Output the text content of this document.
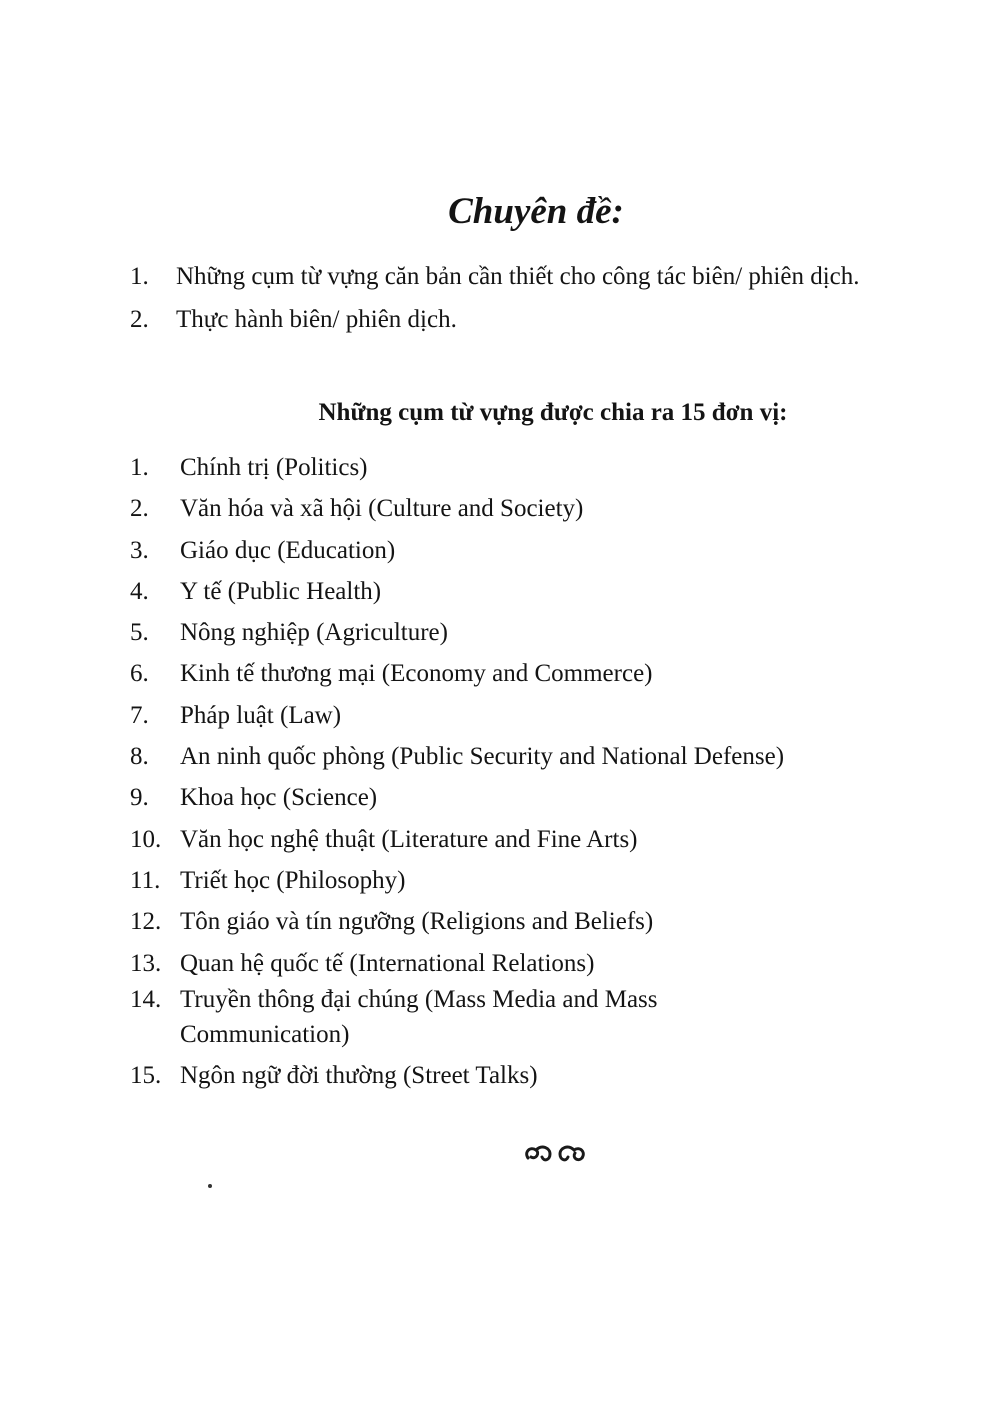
Chuyên đề:
1.	Những cụm từ vựng căn bản cần thiết cho công tác biên/ phiên dịch.
2.	Thực hành biên/ phiên dịch.
Những cụm từ vựng được chia ra 15 đơn vị:
1.	Chính trị (Politics)
2.	Văn hóa và xã hội (Culture and Society)
3.	Giáo dục (Education)
4.	Y tế (Public Health)
5.	Nông nghiệp (Agriculture)
6.	Kinh tế thương mại (Economy and Commerce)
7.	Pháp luật (Law)
8.	An ninh quốc phòng (Public Security and National Defense)
9.	Khoa học (Science)
10. Văn học nghệ thuật (Literature and Fine Arts)
11. Triết học (Philosophy)
12. Tôn giáo và tín ngưỡng (Religions and Beliefs)
13. Quan hệ quốc tế (International Relations)
14. Truyền thông đại chúng (Mass Media and Mass Communication)
15. Ngôn ngữ đời thường (Street Talks)
